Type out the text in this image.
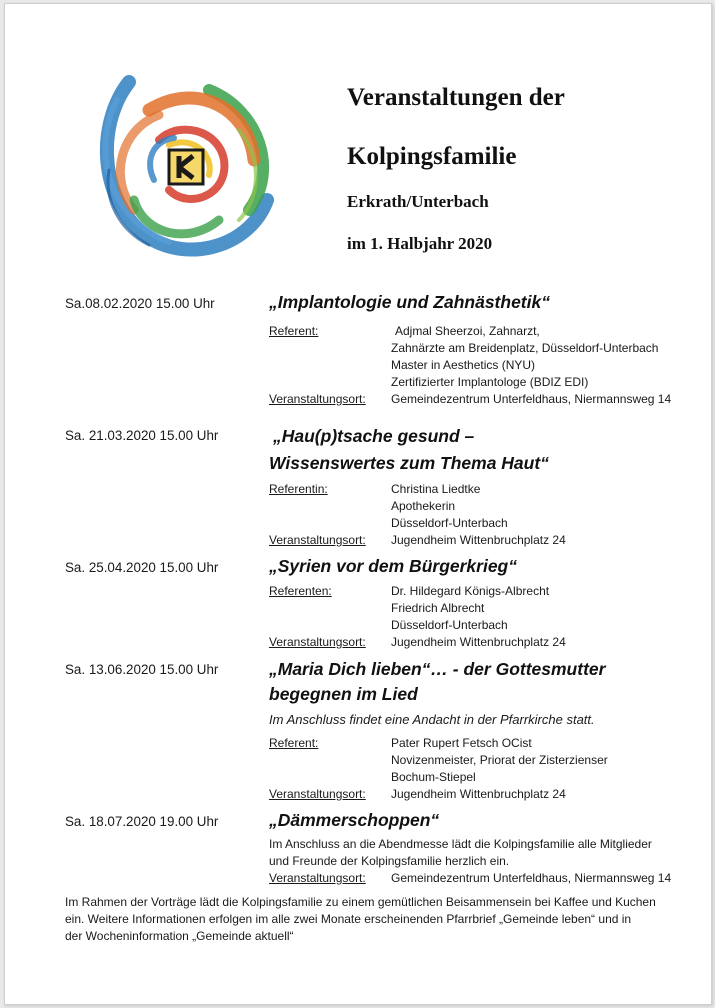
Veranstaltungen der
Kolpingsfamilie
Erkrath/Unterbach
im 1. Halbjahr 2020
Sa.08.02.2020 15.00 Uhr	„Implantologie und Zahnästhetik“
Referent:	Adjmal Sheerzoi, Zahnarzt,
Zahnärzte am Breidenplatz, Düsseldorf-Unterbach
Master in Aesthetics (NYU)
Zertifizierter Implantologe (BDIZ EDI)
Veranstaltungsort: Gemeindezentrum Unterfeldhaus, Niermannsweg 14
Sa. 21.03.2020 15.00 Uhr	„Hau(p)tsache gesund –
Wissenswertes zum Thema Haut“
Referentin:	Christina Liedtke
Apothekerin
Düsseldorf-Unterbach
Veranstaltungsort: Jugendheim Wittenbruchplatz 24
Sa. 25.04.2020 15.00 Uhr	„Syrien vor dem Bürgerkrieg“
Referenten:	Dr. Hildegard Königs-Albrecht
Friedrich Albrecht
Düsseldorf-Unterbach
Veranstaltungsort: Jugendheim Wittenbruchplatz 24
Sa. 13.06.2020 15.00 Uhr	„Maria Dich lieben“… - der Gottesmutter
begegnen im Lied
Im Anschluss findet eine Andacht in der Pfarrkirche statt.
Referent:	Pater Rupert Fetsch OCist
Novizenmeister, Priorat der Zisterzienser
Bochum-Stiepel
Veranstaltungsort: Jugendheim Wittenbruchplatz 24
Sa. 18.07.2020 19.00 Uhr	„Dämmerschoppen“
Im Anschluss an die Abendmesse lädt die Kolpingsfamilie alle Mitglieder
und Freunde der Kolpingsfamilie herzlich ein.
Veranstaltungsort: Gemeindezentrum Unterfeldhaus, Niermannsweg 14
Im Rahmen der Vorträge lädt die Kolpingsfamilie zu einem gemütlichen Beisammensein bei Kaffee und Kuchen
ein. Weitere Informationen erfolgen im alle zwei Monate erscheinenden Pfarrbrief „Gemeinde leben“ und in
der Wocheninformation „Gemeinde aktuell“
